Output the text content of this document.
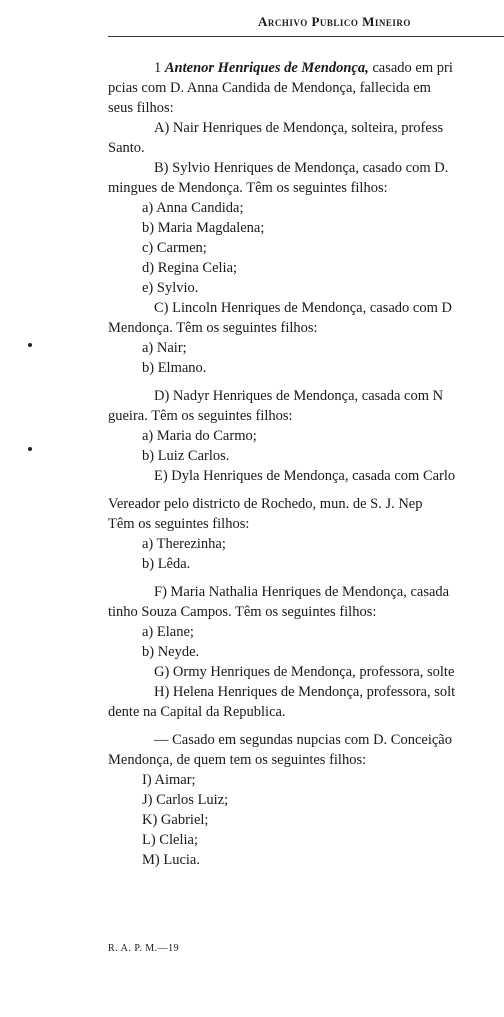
Archivo Publico Mineiro

1 Antenor Henriques de Mendonça, casado em pri

pcias com D. Anna Candida de Mendonça, fallecida em

seus filhos:

A) Nair Henriques de Mendonça, solteira, profess

Santo.

B) Sylvio Henriques de Mendonça, casado com D.

mingues de Mendonça. Têm os seguintes filhos:

a) Anna Candida;

b) Maria Magdalena;

c) Carmen;

d) Regina Celia;

e) Sylvio.

C) Lincoln Henriques de Mendonça, casado com D

Mendonça. Têm os seguintes filhos:

a) Nair;

b) Elmano.

D) Nadyr Henriques de Mendonça, casada com N

gueira. Têm os seguintes filhos:

a) Maria do Carmo;

b) Luiz Carlos.

E) Dyla Henriques de Mendonça, casada com Carlo

Vereador pelo districto de Rochedo, mun. de S. J. Nep

Têm os seguintes filhos:

a) Therezinha;

b) Lêda.

F) Maria Nathalia Henriques de Mendonça, casada

tinho Souza Campos. Têm os seguintes filhos:

a) Elane;

b) Neyde.

G) Ormy Henriques de Mendonça, professora, solte

H) Helena Henriques de Mendonça, professora, solt

dente na Capital da Republica.

— Casado em segundas nupcias com D. Conceição

Mendonça, de quem tem os seguintes filhos:

I) Aimar;

J) Carlos Luiz;

K) Gabriel;

L) Clelia;

M) Lucia.

R. A. P. M.—19
